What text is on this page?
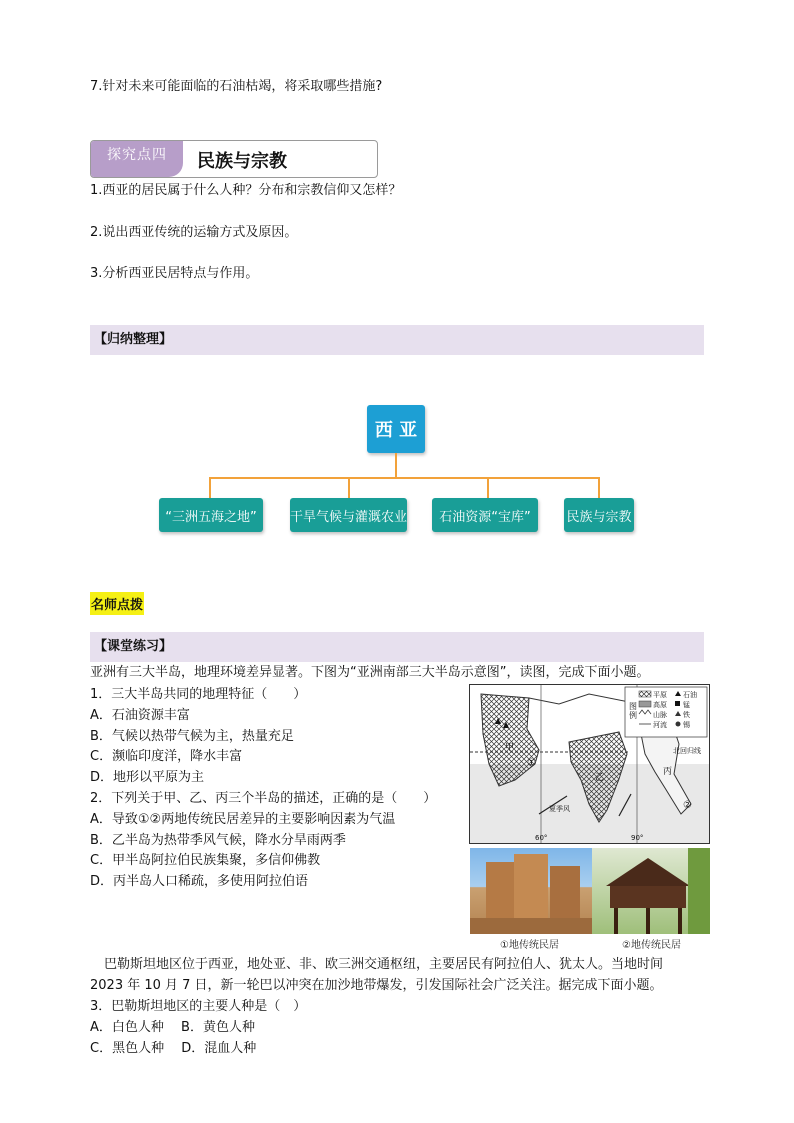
7.针对未来可能面临的石油枯竭，将采取哪些措施?
探究点四	民族与宗教
1.西亚的居民属于什么人种？分布和宗教信仰又怎样？
2.说出西亚传统的运输方式及原因。
3.分析西亚民居特点与作用。
【归纳整理】
西 亚
“三洲五海之地”	干旱气候与灌溉农业	石油资源“宝库”	民族与宗教
名师点拨
【课堂练习】
亚洲有三大半岛，地理环境差异显著。下图为“亚洲南部三大半岛示意图”，读图，完成下面小题。
1．三大半岛共同的地理特征（　　）
A．石油资源丰富
B．气候以热带气候为主，热量充足
C．濒临印度洋，降水丰富
D．地形以平原为主
2．下列关于甲、乙、丙三个半岛的描述，正确的是（　　）
A．导致①②两地传统民居差异的主要影响因素为气温
B．乙半岛为热带季风气候，降水分旱雨两季
C．甲半岛阿拉伯民族集聚，多信仰佛教
D．丙半岛人口稀疏，多使用阿拉伯语
图例
平原
高原
山脉
河流
石油
锰
铁
锡
甲
乙
丙
①
②
北回归线
60°	90°
夏季风
①地传统民居	②地传统民居
巴勒斯坦地区位于西亚，地处亚、非、欧三洲交通枢纽，主要居民有阿拉伯人、犹太人。当地时间
2023 年 10 月 7 日，新一轮巴以冲突在加沙地带爆发，引发国际社会广泛关注。据完成下面小题。
3．巴勒斯坦地区的主要人种是（　）
A．白色人种　 B．黄色人种
C．黑色人种　 D．混血人种
